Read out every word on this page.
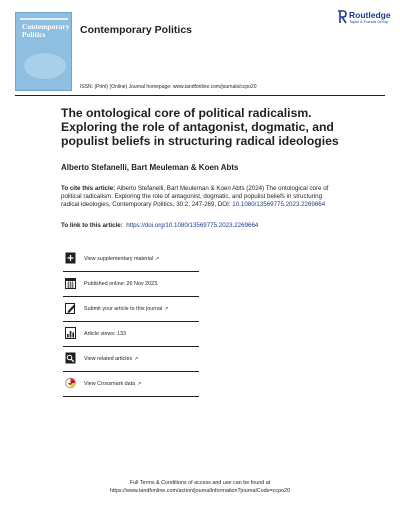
Contemporary
Politics	Contemporary Politics
Routledge
Taylor & Francis Group
ISSN: (Print) (Online) Journal homepage: www.tandfonline.com/journals/ccpo20
The ontological core of political radicalism. Exploring the role of antagonist, dogmatic, and populist beliefs in structuring radical ideologies
Alberto Stefanelli, Bart Meuleman & Koen Abts
To cite this article: Alberto Stefanelli, Bart Meuleman & Koen Abts (2024) The ontological core of political radicalism. Exploring the role of antagonist, dogmatic, and populist beliefs in structuring radical ideologies, Contemporary Politics, 30:2, 247-269, DOI: 10.1080/13569775.2023.2269664
To link to this article: https://doi.org/10.1080/13569775.2023.2269664
View supplementary material ↗
Published online: 26 Nov 2023.
Submit your article to this journal ↗
Article views: 133
View related articles ↗
View Crossmark data ↗
Full Terms & Conditions of access and use can be found at
https://www.tandfonline.com/action/journalInformation?journalCode=ccpo20
